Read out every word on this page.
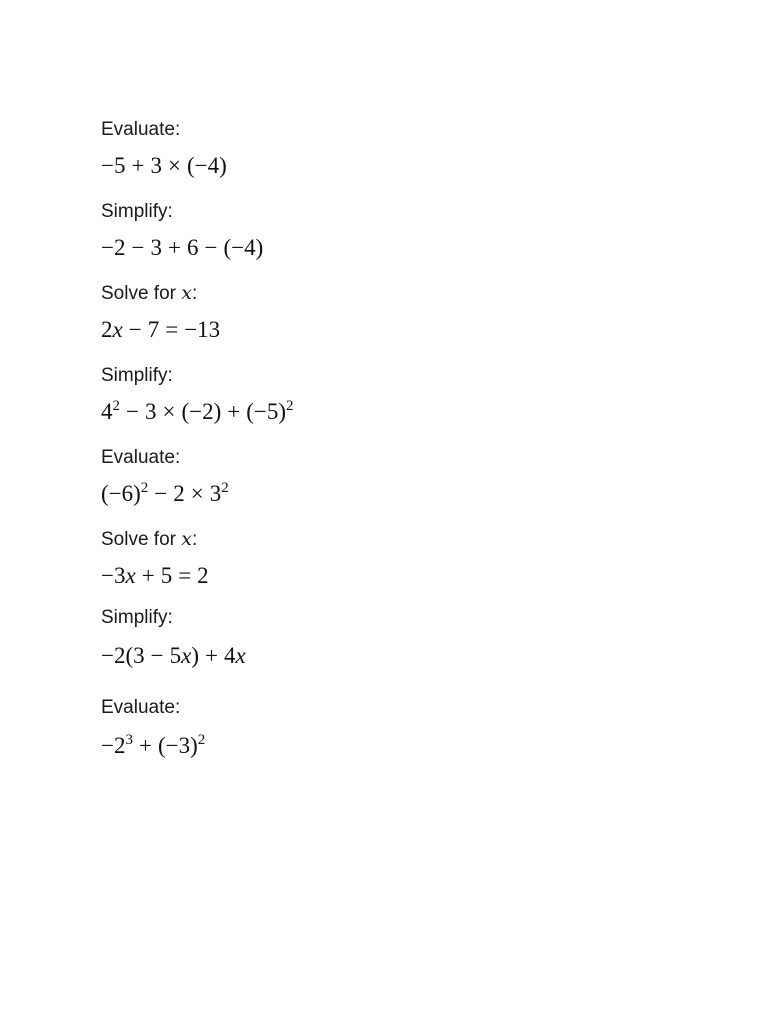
Evaluate:
−5 + 3 × (−4)
Simplify:
−2 − 3 + 6 − (−4)
Solve for x:
2x − 7 = −13
Simplify:
$4^2 - 3 \times (-2) + (-5)^2$
Evaluate:
$(-6)^2 - 2 \times 3^2$
Solve for x:
−3x + 5 = 2
Simplify:
−2(3 − 5x) + 4x
Evaluate:
$-2^3 + (-3)^2$
